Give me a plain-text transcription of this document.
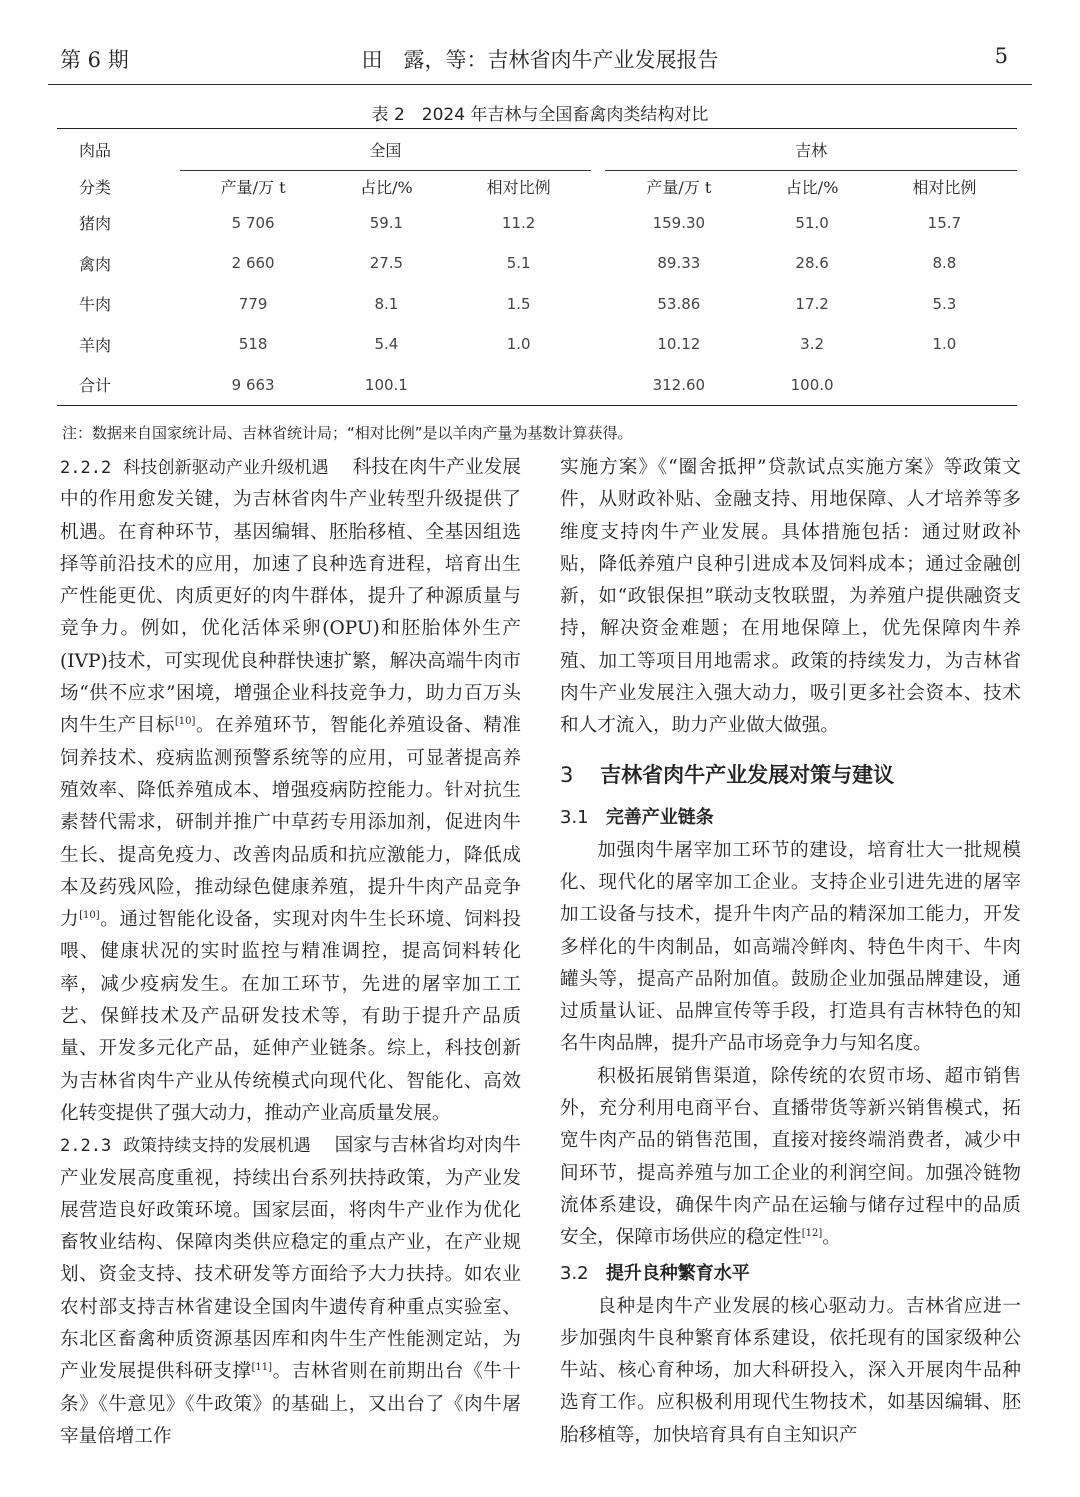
第 6 期	田　露，等：吉林省肉牛产业发展报告	5
表 2　2024 年吉林与全国畜禽肉类结构对比
肉品	全国				吉林		
分类	产量/万 t	占比/%	相对比例		产量/万 t	占比/%	相对比例
猪肉	5 706	59.1	11.2		159.30	51.0	15.7
禽肉	2 660	27.5	5.1		89.33	28.6	8.8
牛肉	779	8.1	1.5		53.86	17.2	5.3
羊肉	518	5.4	1.0		10.12	3.2	1.0
合计	9 663	100.1			312.60	100.0	
注：数据来自国家统计局、吉林省统计局；“相对比例”是以羊肉产量为基数计算获得。

2.2.2 科技创新驱动产业升级机遇 科技在肉牛产业发展中的作用愈发关键，为吉林省肉牛产业转型升级提供了机遇。在育种环节，基因编辑、胚胎移植、全基因组选择等前沿技术的应用，加速了良种选育进程，培育出生产性能更优、肉质更好的肉牛群体，提升了种源质量与竞争力。例如，优化活体采卵(OPU)和胚胎体外生产(IVP)技术，可实现优良种群快速扩繁，解决高端牛肉市场“供不应求”困境，增强企业科技竞争力，助力百万头肉牛生产目标[10]。在养殖环节，智能化养殖设备、精准饲养技术、疫病监测预警系统等的应用，可显著提高养殖效率、降低养殖成本、增强疫病防控能力。针对抗生素替代需求，研制并推广中草药专用添加剂，促进肉牛生长、提高免疫力、改善肉品质和抗应激能力，降低成本及药残风险，推动绿色健康养殖，提升牛肉产品竞争力[10]。通过智能化设备，实现对肉牛生长环境、饲料投喂、健康状况的实时监控与精准调控，提高饲料转化率，减少疫病发生。在加工环节，先进的屠宰加工工艺、保鲜技术及产品研发技术等，有助于提升产品质量、开发多元化产品，延伸产业链条。综上，科技创新为吉林省肉牛产业从传统模式向现代化、智能化、高效化转变提供了强大动力，推动产业高质量发展。

2.2.3 政策持续支持的发展机遇 国家与吉林省均对肉牛产业发展高度重视，持续出台系列扶持政策，为产业发展营造良好政策环境。国家层面，将肉牛产业作为优化畜牧业结构、保障肉类供应稳定的重点产业，在产业规划、资金支持、技术研发等方面给予大力扶持。如农业农村部支持吉林省建设全国肉牛遗传育种重点实验室、东北区畜禽种质资源基因库和肉牛生产性能测定站，为产业发展提供科研支撑[11]。吉林省则在前期出台《牛十条》《牛意见》《牛政策》的基础上，又出台了《肉牛屠宰量倍增工作

实施方案》《“圈舍抵押”贷款试点实施方案》等政策文件，从财政补贴、金融支持、用地保障、人才培养等多维度支持肉牛产业发展。具体措施包括：通过财政补贴，降低养殖户良种引进成本及饲料成本；通过金融创新，如“政银保担”联动支牧联盟，为养殖户提供融资支持，解决资金难题；在用地保障上，优先保障肉牛养殖、加工等项目用地需求。政策的持续发力，为吉林省肉牛产业发展注入强大动力，吸引更多社会资本、技术和人才流入，助力产业做大做强。

3 吉林省肉牛产业发展对策与建议
3.1 完善产业链条

加强肉牛屠宰加工环节的建设，培育壮大一批规模化、现代化的屠宰加工企业。支持企业引进先进的屠宰加工设备与技术，提升牛肉产品的精深加工能力，开发多样化的牛肉制品，如高端冷鲜肉、特色牛肉干、牛肉罐头等，提高产品附加值。鼓励企业加强品牌建设，通过质量认证、品牌宣传等手段，打造具有吉林特色的知名牛肉品牌，提升产品市场竞争力与知名度。

积极拓展销售渠道，除传统的农贸市场、超市销售外，充分利用电商平台、直播带货等新兴销售模式，拓宽牛肉产品的销售范围，直接对接终端消费者，减少中间环节，提高养殖与加工企业的利润空间。加强冷链物流体系建设，确保牛肉产品在运输与储存过程中的品质安全，保障市场供应的稳定性[12]。

3.2 提升良种繁育水平

良种是肉牛产业发展的核心驱动力。吉林省应进一步加强肉牛良种繁育体系建设，依托现有的国家级种公牛站、核心育种场，加大科研投入，深入开展肉牛品种选育工作。应积极利用现代生物技术，如基因编辑、胚胎移植等，加快培育具有自主知识产
